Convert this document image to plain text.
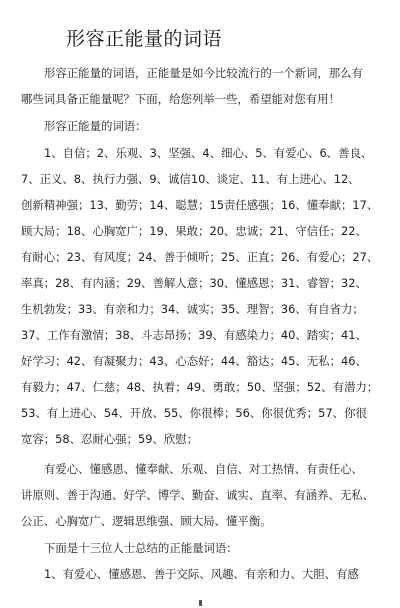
形容正能量的词语
形容正能量的词语，正能量是如今比较流行的一个新词，那么有
哪些词具备正能量呢？下面，给您列举一些，希望能对您有用！
形容正能量的词语：
1、自信；2、乐观、3、坚强、4、细心、5、有爱心、6、善良、
7、正义、8、执行力强、9、诚信10、谈定、11、有上进心、12、
创新精神强；13、勤劳；14、聪慧；15责任感强；16、懂奉献；17、
顾大局；18、心胸宽广；19、果敢；20、忠诚；21、守信任；22、
有耐心；23、有风度；24、善于倾听；25、正直；26、有爱心；27、
率真；28、有内涵；29、善解人意；30、懂感恩；31、睿智；32、
生机勃发；33、有亲和力；34、诚实；35、理智；36、有自省力；
37、工作有激情；38、斗志昂扬；39、有感染力；40、踏实；41、
好学习；42、有凝聚力；43、心态好；44、豁达；45、无私；46、
有毅力；47、仁慈；48、执着；49、勇敢；50、坚强；52、有潜力；
53、有上进心、54、开放、55、你很棒；56、你很优秀；57、你很
宽容；58、忍耐心强；59、欣慰；
有爱心、懂感恩、懂奉献、乐观、自信、对工热情、有责任心、
讲原则、善于沟通、好学、博学、勤奋、诚实、直率、有涵养、无私、
公正、心胸宽广、逻辑思维强、顾大局、懂平衡。
下面是十三位人士总结的正能量词语：
1、有爱心、懂感恩、善于交际、风趣、有亲和力、大胆、有感
